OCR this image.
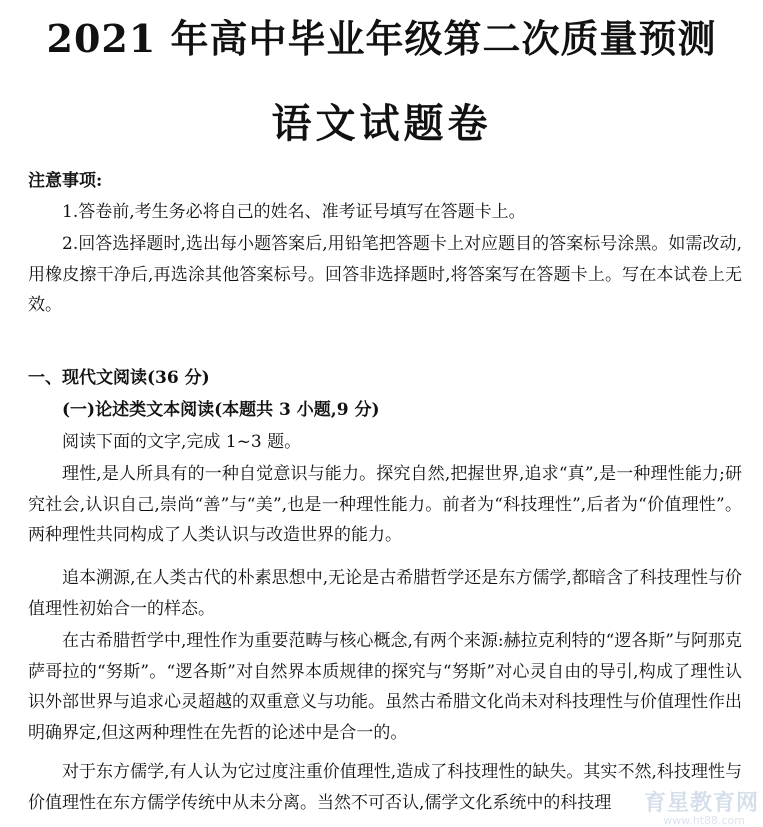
2021 年高中毕业年级第二次质量预测
语文试题卷

注意事项:

1.答卷前,考生务必将自己的姓名、准考证号填写在答题卡上。

2.回答选择题时,选出每小题答案后,用铅笔把答题卡上对应题目的答案标号涂黑。如需改动,用橡皮擦干净后,再选涂其他答案标号。回答非选择题时,将答案写在答题卡上。写在本试卷上无效。

一、现代文阅读(36 分)

(一)论述类文本阅读(本题共 3 小题,9 分)

阅读下面的文字,完成 1~3 题。

理性,是人所具有的一种自觉意识与能力。探究自然,把握世界,追求“真”,是一种理性能力;研究社会,认识自己,崇尚“善”与“美”,也是一种理性能力。前者为“科技理性”,后者为“价值理性”。两种理性共同构成了人类认识与改造世界的能力。

追本溯源,在人类古代的朴素思想中,无论是古希腊哲学还是东方儒学,都暗含了科技理性与价值理性初始合一的样态。

在古希腊哲学中,理性作为重要范畴与核心概念,有两个来源:赫拉克利特的“逻各斯”与阿那克萨哥拉的“努斯”。“逻各斯”对自然界本质规律的探究与“努斯”对心灵自由的导引,构成了理性认识外部世界与追求心灵超越的双重意义与功能。虽然古希腊文化尚未对科技理性与价值理性作出明确界定,但这两种理性在先哲的论述中是合一的。

对于东方儒学,有人认为它过度注重价值理性,造成了科技理性的缺失。其实不然,科技理性与价值理性在东方儒学传统中从未分离。当然不可否认,儒学文化系统中的科技理	育星教育网
www.ht88.com
